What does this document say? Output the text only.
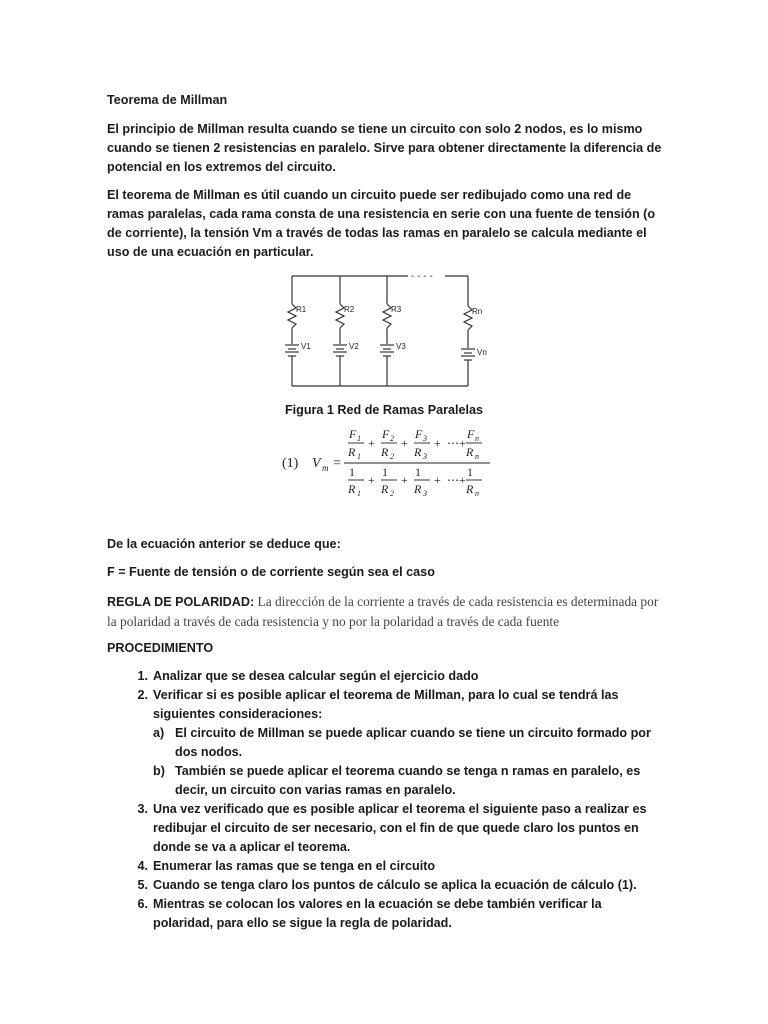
Teorema de Millman

El principio de Millman resulta cuando se tiene un circuito con solo 2 nodos, es lo mismo cuando se tienen 2 resistencias en paralelo. Sirve para obtener directamente la diferencia de potencial en los extremos del circuito.

El teorema de Millman es útil cuando un circuito puede ser redibujado como una red de ramas paralelas, cada rama consta de una resistencia en serie con una fuente de tensión (o de corriente), la tensión Vm a través de todas las ramas en paralelo se calcula mediante el uso de una ecuación en particular.

- - - -
R1	R2	R3	Rn
V1	V2	V3
Vn
Figura 1 Red de Ramas Paralelas
(1) V m =
F 1
R 1
+
F 2
R 2
+
F 3
R 3
+ ⋯ +
F n
R n
1
R 1
+
1
R 2
+
1
R 3
+ ⋯ +
1
R n

De la ecuación anterior se deduce que:

F = Fuente de tensión o de corriente según sea el caso

REGLA DE POLARIDAD: La dirección de la corriente a través de cada resistencia es determinada por la polaridad a través de cada resistencia y no por la polaridad a través de cada fuente

PROCEDIMIENTO

1. Analizar que se desea calcular según el ejercicio dado

2. Verificar si es posible aplicar el teorema de Millman, para lo cual se tendrá las siguientes consideraciones:

a) El circuito de Millman se puede aplicar cuando se tiene un circuito formado por dos nodos.

b) También se puede aplicar el teorema cuando se tenga n ramas en paralelo, es decir, un circuito con varias ramas en paralelo.

3. Una vez verificado que es posible aplicar el teorema el siguiente paso a realizar es redibujar el circuito de ser necesario, con el fin de que quede claro los puntos en donde se va a aplicar el teorema.

4. Enumerar las ramas que se tenga en el circuito

5. Cuando se tenga claro los puntos de cálculo se aplica la ecuación de cálculo (1).

6. Mientras se colocan los valores en la ecuación se debe también verificar la polaridad, para ello se sigue la regla de polaridad.
